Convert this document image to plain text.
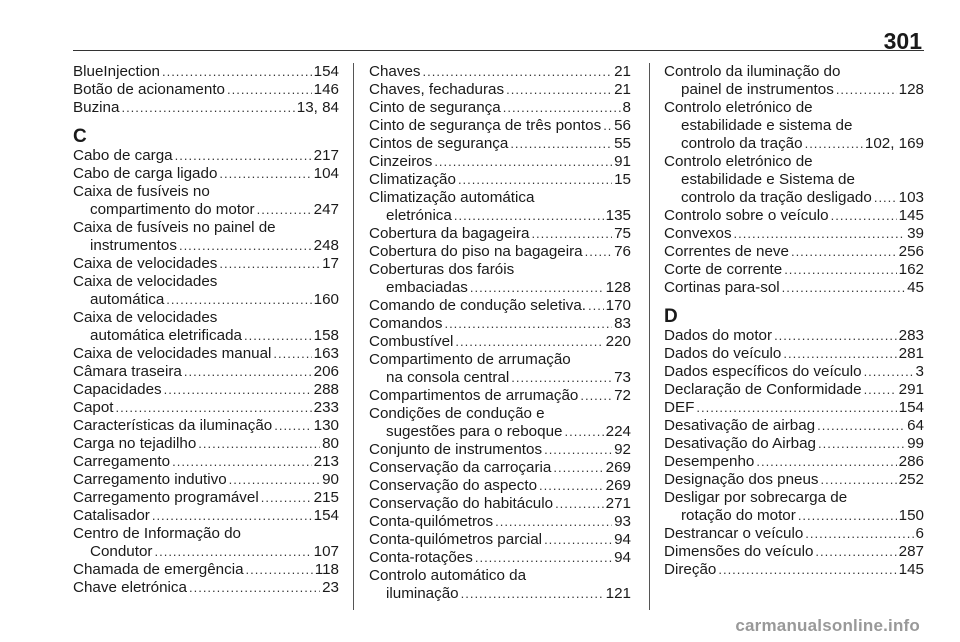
301
BlueInjection .....	154
Botão de acionamento .....	146
Buzina .....	13, 84
C
Cabo de carga .....	217
Cabo de carga ligado .....	104
Caixa de fusíveis no
compartimento do motor .....	247
Caixa de fusíveis no painel de
instrumentos .....	248
Caixa de velocidades .....	17
Caixa de velocidades
automática .....	160
Caixa de velocidades
automática eletrificada .....	158
Caixa de velocidades manual .....	163
Câmara traseira .....	206
Capacidades .....	288
Capot .....	233
Características da iluminação .....	130
Carga no tejadilho .....	80
Carregamento .....	213
Carregamento indutivo .....	90
Carregamento programável .....	215
Catalisador .....	154
Centro de Informação do
Condutor .....	107
Chamada de emergência .....	118
Chave eletrónica .....	23
Chaves .....	21
Chaves, fechaduras .....	21
Cinto de segurança .....	8
Cinto de segurança de três pontos ..... 56
Cintos de segurança .....	55
Cinzeiros .....	91
Climatização .....	15
Climatização automática
eletrónica .....	135
Cobertura da bagageira .....	75
Cobertura do piso na bagageira ..... 76
Coberturas dos faróis
embaciadas .....	128
Comando de condução seletiva. ..... 170
Comandos .....	83
Combustível .....	220
Compartimento de arrumação
na consola central .....	73
Compartimentos de arrumação ..... 72
Condições de condução e
sugestões para o reboque .....	224
Conjunto de instrumentos .....	92
Conservação da carroçaria .....	269
Conservação do aspecto .....	269
Conservação do habitáculo .....	271
Conta-quilómetros .....	93
Conta-quilómetros parcial .....	94
Conta-rotações .....	94
Controlo automático da
iluminação .....	121
Controlo da iluminação do
painel de instrumentos .....	128
Controlo eletrónico de
estabilidade e sistema de
controlo da tração .....	102, 169
Controlo eletrónico de
estabilidade e Sistema de
controlo da tração desligado ..... 103
Controlo sobre o veículo .....	145
Convexos .....	39
Correntes de neve .....	256
Corte de corrente .....	162
Cortinas para-sol .....	45
D
Dados do motor .....	283
Dados do veículo .....	281
Dados específicos do veículo .....	3
Declaração de Conformidade ..... 291
DEF .....	154
Desativação de airbag .....	64
Desativação do Airbag .....	99
Desempenho .....	286
Designação dos pneus .....	252
Desligar por sobrecarga de
rotação do motor .....	150
Destrancar o veículo .....	6
Dimensões do veículo .....	287
Direção .....	145
carmanualsonline.info
